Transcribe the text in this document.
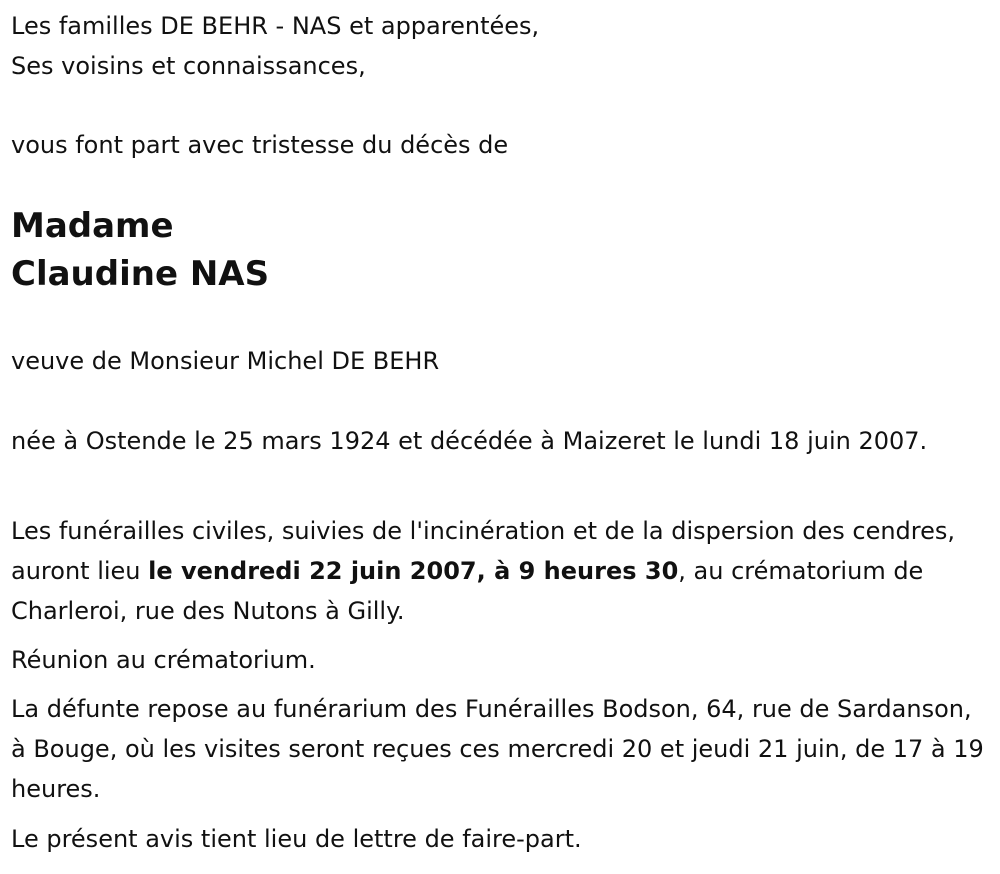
Les familles DE BEHR - NAS et apparentées,
Ses voisins et connaissances,
vous font part avec tristesse du décès de
Madame
Claudine NAS
veuve de Monsieur Michel DE BEHR
née à Ostende le 25 mars 1924 et décédée à Maizeret le lundi 18 juin 2007.
Les funérailles civiles, suivies de l'incinération et de la dispersion des cendres, auront lieu le vendredi 22 juin 2007, à 9 heures 30, au crématorium de Charleroi, rue des Nutons à Gilly.
Réunion au crématorium.
La défunte repose au funérarium des Funérailles Bodson, 64, rue de Sardanson, à Bouge, où les visites seront reçues ces mercredi 20 et jeudi 21 juin, de 17 à 19 heures.
Le présent avis tient lieu de lettre de faire-part.
